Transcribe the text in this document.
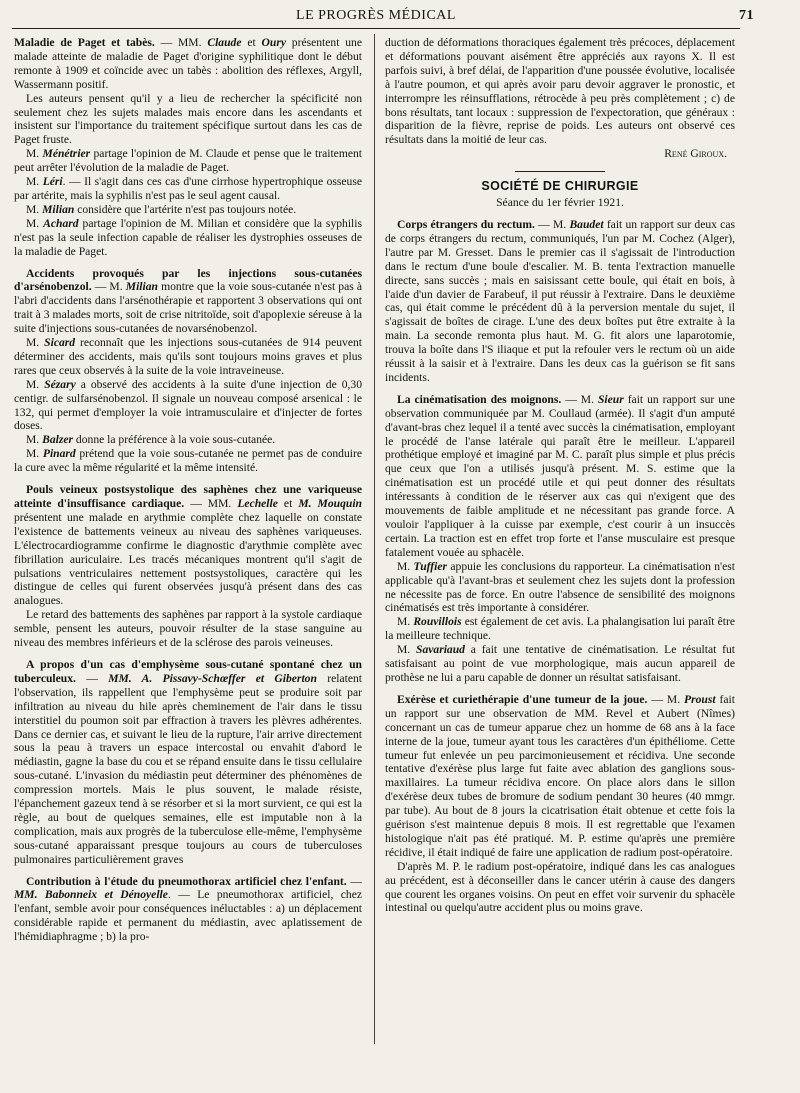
LE PROGRÈS MÉDICAL	71

Maladie de Paget et tabès. — MM. Claude et Oury présentent une malade atteinte de maladie de Paget d'origine syphilitique dont le début remonte à 1909 et coïncide avec un tabès : abolition des réflexes, Argyll, Wassermann positif.

Les auteurs pensent qu'il y a lieu de rechercher la spécificité non seulement chez les sujets malades mais encore dans les ascendants et insistent sur l'importance du traitement spécifique surtout dans les cas de Paget fruste.

M. Ménétrier partage l'opinion de M. Claude et pense que le traitement peut arrêter l'évolution de la maladie de Paget.

M. Léri. — Il s'agit dans ces cas d'une cirrhose hypertrophique osseuse par artérite, mais la syphilis n'est pas le seul agent causal.

M. Milian considère que l'artérite n'est pas toujours notée.

M. Achard partage l'opinion de M. Milian et considère que la syphilis n'est pas la seule infection capable de réaliser les dystrophies osseuses de la maladie de Paget.

Accidents provoqués par les injections sous-cutanées d'arsénobenzol. — M. Milian montre que la voie sous-cutanée n'est pas à l'abri d'accidents dans l'arsénothérapie et rapportent 3 observations qui ont trait à 3 malades morts, soit de crise nitritoïde, soit d'apoplexie séreuse à la suite d'injections sous-cutanées de novarsénobenzol.

M. Sicard reconnaît que les injections sous-cutanées de 914 peuvent déterminer des accidents, mais qu'ils sont toujours moins graves et plus rares que ceux observés à la suite de la voie intraveineuse.

M. Sézary a observé des accidents à la suite d'une injection de 0,30 centigr. de sulfarsénobenzol. Il signale un nouveau composé arsenical : le 132, qui permet d'employer la voie intramusculaire et d'injecter de fortes doses.

M. Balzer donne la préférence à la voie sous-cutanée.

M. Pinard prétend que la voie sous-cutanée ne permet pas de conduire la cure avec la même régularité et la même intensité.

Pouls veineux postsystolique des saphènes chez une variqueuse atteinte d'insuffisance cardiaque. — MM. Lechelle et M. Mouquin présentent une malade en arythmie complète chez laquelle on constate l'existence de battements veineux au niveau des saphènes variqueuses. L'électrocardiogramme confirme le diagnostic d'arythmie complète avec fibrillation auriculaire. Les tracés mécaniques montrent qu'il s'agit de pulsations ventriculaires nettement postsystoliques, caractère qui les distingue de celles qui furent observées jusqu'à présent dans des cas analogues.

Le retard des battements des saphènes par rapport à la systole cardiaque semble, pensent les auteurs, pouvoir résulter de la stase sanguine au niveau des membres inférieurs et de la sclérose des parois veineuses.

A propos d'un cas d'emphysème sous-cutané spontané chez un tuberculeux. — MM. A. Pissavy-Schœffer et Giberton relatent l'observation, ils rappellent que l'emphysème peut se produire soit par infiltration au niveau du hile après cheminement de l'air dans le tissu interstitiel du poumon soit par effraction à travers les plèvres adhérentes. Dans ce dernier cas, et suivant le lieu de la rupture, l'air arrive directement sous la peau à travers un espace intercostal ou envahit d'abord le médiastin, gagne la base du cou et se répand ensuite dans le tissu cellulaire sous-cutané. L'invasion du médiastin peut déterminer des phénomènes de compression mortels. Mais le plus souvent, le malade résiste, l'épanchement gazeux tend à se résorber et si la mort survient, ce qui est la règle, au bout de quelques semaines, elle est imputable non à la complication, mais aux progrès de la tuberculose elle-même, l'emphysème sous-cutané apparaissant presque toujours au cours de tuberculoses pulmonaires particulièrement graves

Contribution à l'étude du pneumothorax artificiel chez l'enfant. — MM. Babonneix et Dénoyelle. — Le pneumothorax artificiel, chez l'enfant, semble avoir pour conséquences inéluctables : a) un déplacement considérable rapide et permanent du médiastin, avec aplatissement de l'hémidiaphragme ; b) la pro-

duction de déformations thoraciques également très précoces, déplacement et déformations pouvant aisément être appréciés aux rayons X. Il est parfois suivi, à bref délai, de l'apparition d'une poussée évolutive, localisée à l'autre poumon, et qui après avoir paru devoir aggraver le pronostic, et interrompre les réinsufflations, rétrocède à peu près complètement ; c) de bons résultats, tant locaux : suppression de l'expectoration, que généraux : disparition de la fièvre, reprise de poids. Les auteurs ont observé ces résultats dans la moitié de leur cas.

René Giroux.

SOCIÉTÉ DE CHIRURGIE
Séance du 1er février 1921.

Corps étrangers du rectum. — M. Baudet fait un rapport sur deux cas de corps étrangers du rectum, communiqués, l'un par M. Cochez (Alger), l'autre par M. Gresset. Dans le premier cas il s'agissait de l'introduction dans le rectum d'une boule d'escalier. M. B. tenta l'extraction manuelle directe, sans succès ; mais en saisissant cette boule, qui était en bois, à l'aide d'un davier de Farabeuf, il put réussir à l'extraire. Dans le deuxième cas, qui était comme le précédent dû à la perversion mentale du sujet, il s'agissait de boîtes de cirage. L'une des deux boîtes put être extraite à la main. La seconde remonta plus haut. M. G. fit alors une laparotomie, trouva la boîte dans l'S iliaque et put la refouler vers le rectum où un aide réussit à la saisir et à l'extraire. Dans les deux cas la guérison se fit sans incidents.

La cinématisation des moignons. — M. Sieur fait un rapport sur une observation communiquée par M. Coullaud (armée). Il s'agit d'un amputé d'avant-bras chez lequel il a tenté avec succès la cinématisation, employant le procédé de l'anse latérale qui paraît être le meilleur. L'appareil prothétique employé et imaginé par M. C. paraît plus simple et plus précis que ceux que l'on a utilisés jusqu'à présent. M. S. estime que la cinématisation est un procédé utile et qui peut donner des résultats intéressants à condition de le réserver aux cas qui n'exigent que des mouvements de faible amplitude et ne nécessitant pas grande force. A vouloir l'appliquer à la cuisse par exemple, c'est courir à un insuccès certain. La traction est en effet trop forte et l'anse musculaire est presque fatalement vouée au sphacèle.

M. Tuffier appuie les conclusions du rapporteur. La cinématisation n'est applicable qu'à l'avant-bras et seulement chez les sujets dont la profession ne nécessite pas de force. En outre l'absence de sensibilité des moignons cinématisés est très importante à considérer.

M. Rouvillois est également de cet avis. La phalangisation lui paraît être la meilleure technique.

M. Savariaud a fait une tentative de cinématisation. Le résultat fut satisfaisant au point de vue morphologique, mais aucun appareil de prothèse ne lui a paru capable de donner un résultat satisfaisant.

Exérèse et curiethérapie d'une tumeur de la joue. — M. Proust fait un rapport sur une observation de MM. Revel et Aubert (Nîmes) concernant un cas de tumeur apparue chez un homme de 68 ans à la face interne de la joue, tumeur ayant tous les caractères d'un épithéliome. Cette tumeur fut enlevée un peu parcimonieusement et récidiva. Une seconde tentative d'exérèse plus large fut faite avec ablation des ganglions sous-maxillaires. La tumeur récidiva encore. On place alors dans le sillon d'exérèse deux tubes de bromure de sodium pendant 30 heures (40 mmgr. par tube). Au bout de 8 jours la cicatrisation était obtenue et cette fois la guérison s'est maintenue depuis 8 mois. Il est regrettable que l'examen histologique n'ait pas été pratiqué. M. P. estime qu'après une première récidive, il était indiqué de faire une application de radium post-opératoire.

D'après M. P. le radium post-opératoire, indiqué dans les cas analogues au précédent, est à déconseiller dans le cancer utérin à cause des dangers que courent les organes voisins. On peut en effet voir survenir du sphacèle intestinal ou quelqu'autre accident plus ou moins grave.
